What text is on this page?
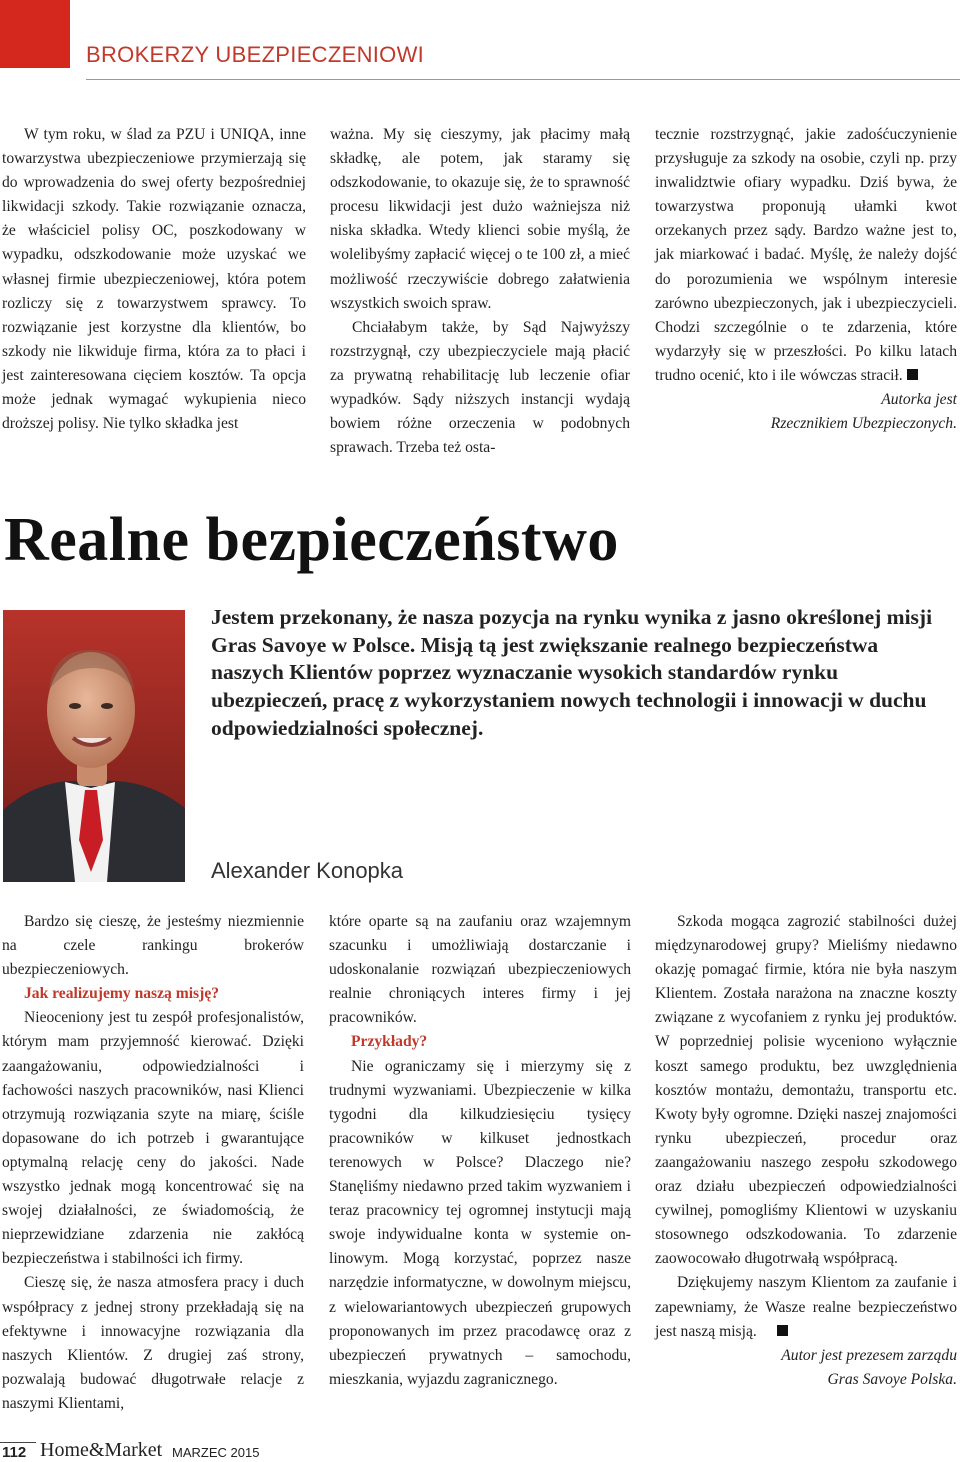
BROKERZY UBEZPIECZENIOWI

W tym roku, w ślad za PZU i UNIQA, inne towarzystwa ubezpieczeniowe przymierzają się do wprowadzenia do swej oferty bezpośredniej likwidacji szkody. Takie rozwiązanie oznacza, że właściciel polisy OC, poszkodowany w wypadku, odszkodowanie może uzyskać we własnej firmie ubezpieczeniowej, która potem rozliczy się z towarzystwem sprawcy. To rozwiązanie jest korzystne dla klientów, bo szkody nie likwiduje firma, która za to płaci i jest zainteresowana cięciem kosztów. Ta opcja może jednak wymagać wykupienia nieco droższej polisy. Nie tylko składka jest

ważna. My się cieszymy, jak płacimy małą składkę, ale potem, jak staramy się odszkodowanie, to okazuje się, że to sprawność procesu likwidacji jest dużo ważniejsza niż niska składka. Wtedy klienci sobie myślą, że wolelibyśmy zapłacić więcej o te 100 zł, a mieć możliwość rzeczywiście dobrego załatwienia wszystkich swoich spraw.

Chciałabym także, by Sąd Najwyższy rozstrzygnął, czy ubezpieczyciele mają płacić za prywatną rehabilitację lub leczenie ofiar wypadków. Sądy niższych instancji wydają bowiem różne orzeczenia w podobnych sprawach. Trzeba też osta-

tecznie rozstrzygnąć, jakie zadośćuczynienie przysługuje za szkody na osobie, czyli np. przy inwalidztwie ofiary wypadku. Dziś bywa, że towarzystwa proponują ułamki kwot orzekanych przez sądy. Bardzo ważne jest to, jak miarkować i badać. Myślę, że należy dojść do porozumienia we wspólnym interesie zarówno ubezpieczonych, jak i ubezpieczycieli. Chodzi szczególnie o te zdarzenia, które wydarzyły się w przeszłości. Po kilku latach trudno ocenić, kto i ile wówczas stracił.

Autorka jest

Rzecznikiem Ubezpieczonych.

Realne bezpieczeństwo
Jestem przekonany, że nasza pozycja na rynku wynika z jasno określonej misji Gras Savoye w Polsce. Misją tą jest zwiększanie realnego bezpieczeństwa naszych Klientów poprzez wyznaczanie wysokich standardów rynku ubezpieczeń, pracę z wykorzystaniem nowych technologii i innowacji w duchu odpowiedzialności społecznej.
Alexander Konopka

Bardzo się cieszę, że jesteśmy niezmiennie na czele rankingu brokerów ubezpieczeniowych.

Jak realizujemy naszą misję?

Nieoceniony jest tu zespół profesjonalistów, którym mam przyjemność kierować. Dzięki zaangażowaniu, odpowiedzialności i fachowości naszych pracowników, nasi Klienci otrzymują rozwiązania szyte na miarę, ściśle dopasowane do ich potrzeb i gwarantujące optymalną relację ceny do jakości. Nade wszystko jednak mogą koncentrować się na swojej działalności, ze świadomością, że nieprzewidziane zdarzenia nie zakłócą bezpieczeństwa i stabilności ich firmy.

Cieszę się, że nasza atmosfera pracy i duch współpracy z jednej strony przekładają się na efektywne i innowacyjne rozwiązania dla naszych Klientów. Z drugiej zaś strony, pozwalają budować długotrwałe relacje z naszymi Klientami,

które oparte są na zaufaniu oraz wzajemnym szacunku i umożliwiają dostarczanie i udoskonalanie rozwiązań ubezpieczeniowych realnie chroniących interes firmy i jej pracowników.

Przykłady?

Nie ograniczamy się i mierzymy się z trudnymi wyzwaniami. Ubezpieczenie w kilka tygodni dla kilkudziesięciu tysięcy pracowników w kilkuset jednostkach terenowych w Polsce? Dlaczego nie? Stanęliśmy niedawno przed takim wyzwaniem i teraz pracownicy tej ogromnej instytucji mają swoje indywidualne konta w systemie on-linowym. Mogą korzystać, poprzez nasze narzędzie informatyczne, w dowolnym miejscu, z wielowariantowych ubezpieczeń grupowych proponowanych im przez pracodawcę oraz z ubezpieczeń prywatnych – samochodu, mieszkania, wyjazdu zagranicznego.

Szkoda mogąca zagrozić stabilności dużej międzynarodowej grupy? Mieliśmy niedawno okazję pomagać firmie, która nie była naszym Klientem. Została narażona na znaczne koszty związane z wycofaniem z rynku jej produktów. W poprzedniej polisie wyceniono wyłącznie koszt samego produktu, bez uwzględnienia kosztów montażu, demontażu, transportu etc. Kwoty były ogromne. Dzięki naszej znajomości rynku ubezpieczeń, procedur oraz zaangażowaniu naszego zespołu szkodowego oraz działu ubezpieczeń odpowiedzialności cywilnej, pomogliśmy Klientowi w uzyskaniu stosownego odszkodowania. To zdarzenie zaowocowało długotrwałą współpracą.

Dziękujemy naszym Klientom za zaufanie i zapewniamy, że Wasze realne bezpieczeństwo jest naszą misją.

Autor jest prezesem zarządu

Gras Savoye Polska.

112 Home&Market MARZEC 2015
